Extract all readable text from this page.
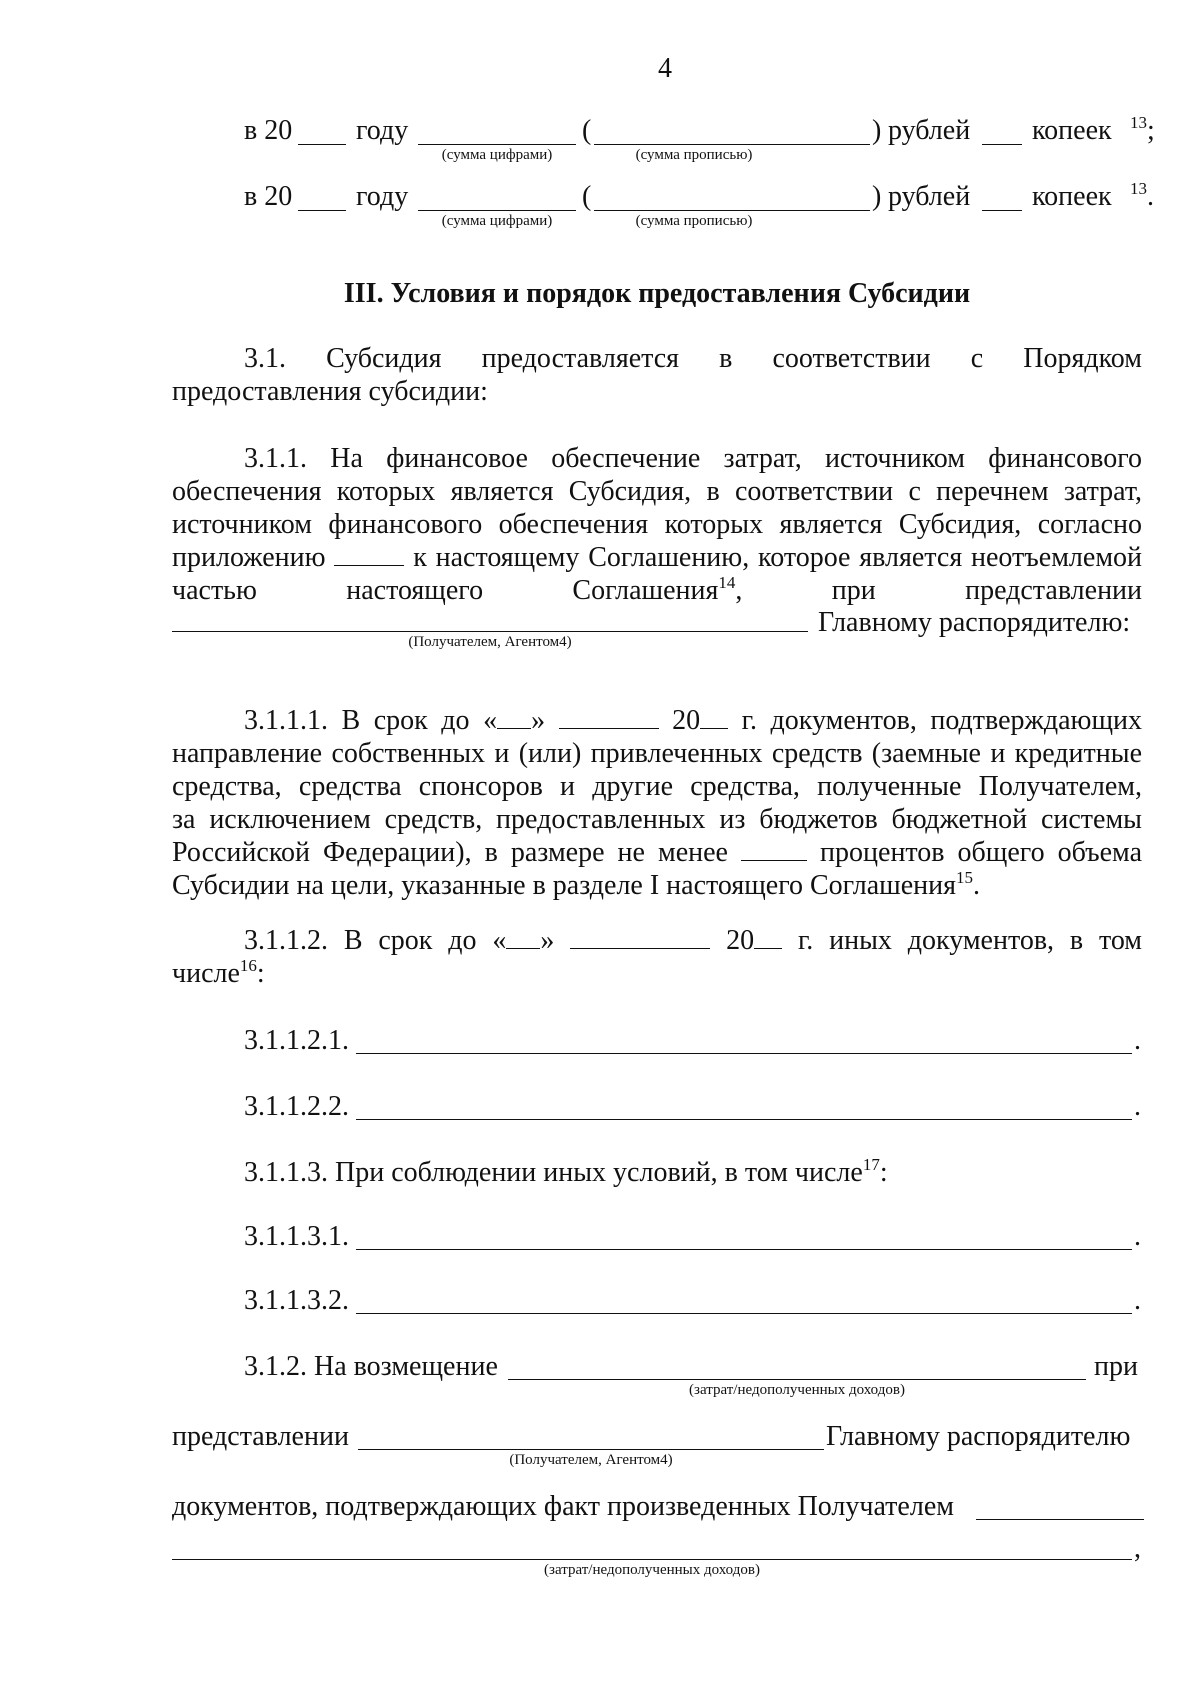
4
в 20 году
(сумма цифрами)
(
(сумма прописью)
) рублей копеек $^{13}$;
в 20 году
(сумма цифрами)
(
(сумма прописью)
) рублей копеек $^{13}$.
III. Условия и порядок предоставления Субсидии
3.1. Субсидия предоставляется в соответствии с Порядком
предоставления субсидии:
3.1.1. На финансовое обеспечение затрат, источником финансового
обеспечения которых является Субсидия, в соответствии с перечнем затрат,
источником финансового обеспечения которых является Субсидия, согласно
приложению	к настоящему Соглашению, которое является неотъемлемой
частью	настоящего	Соглашения$^{14}$,	при	представлении
Главному распорядителю:
(Получателем, Агентом4)
3.1.1.1. В срок до « »	20 г. документов, подтверждающих
направление собственных и (или) привлеченных средств (заемные и кредитные
средства, средства спонсоров и другие средства, полученные Получателем,
за исключением средств, предоставленных из бюджетов бюджетной системы
Российской Федерации), в размере не менее	процентов общего объема
Субсидии на цели, указанные в разделе I настоящего Соглашения$^{15}$.
3.1.1.2. В срок до « »	20 г. иных документов, в том
числе$^{16}$:
3.1.1.2.1.	.
3.1.1.2.2.	.
3.1.1.3. При соблюдении иных условий, в том числе$^{17}$:
3.1.1.3.1.	.
3.1.1.3.2.	.
3.1.2. На возмещение
(затрат/недополученных доходов)
при
представлении
(Получателем, Агентом4)
Главному распорядителю
документов, подтверждающих факт произведенных Получателем
,
(затрат/недополученных доходов)
